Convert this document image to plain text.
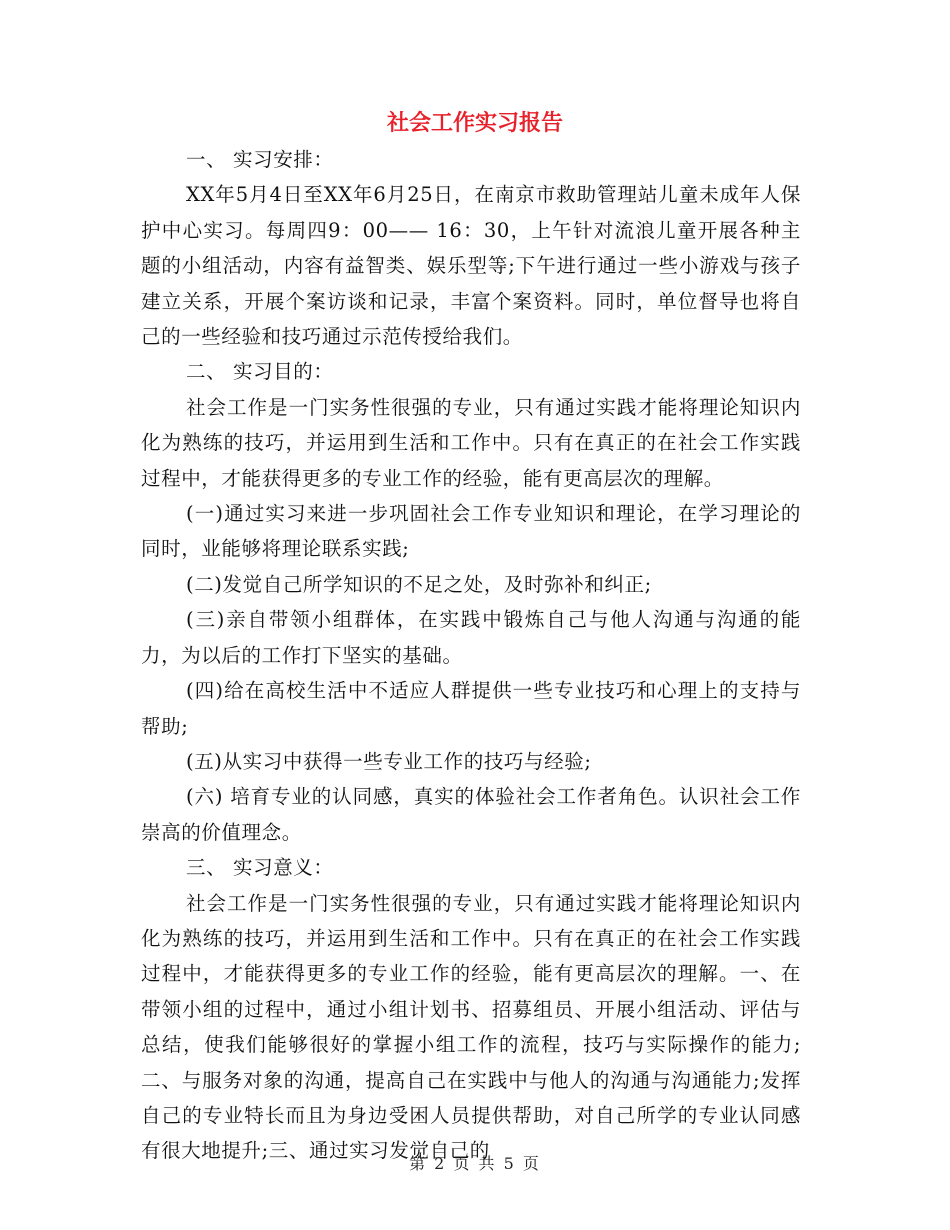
社会工作实习报告

一、 实习安排：

XX年5月4日至XX年6月25日，在南京市救助管理站儿童未成年人保护中心实习。每周四9：00—— 16：30，上午针对流浪儿童开展各种主题的小组活动，内容有益智类、娱乐型等;下午进行通过一些小游戏与孩子建立关系，开展个案访谈和记录，丰富个案资料。同时，单位督导也将自己的一些经验和技巧通过示范传授给我们。

二、 实习目的：

社会工作是一门实务性很强的专业，只有通过实践才能将理论知识内化为熟练的技巧，并运用到生活和工作中。只有在真正的在社会工作实践过程中，才能获得更多的专业工作的经验，能有更高层次的理解。

(一)通过实习来进一步巩固社会工作专业知识和理论，在学习理论的同时，业能够将理论联系实践;

(二)发觉自己所学知识的不足之处，及时弥补和纠正;

(三)亲自带领小组群体，在实践中锻炼自己与他人沟通与沟通的能力，为以后的工作打下坚实的基础。

(四)给在高校生活中不适应人群提供一些专业技巧和心理上的支持与帮助;

(五)从实习中获得一些专业工作的技巧与经验;

(六) 培育专业的认同感，真实的体验社会工作者角色。认识社会工作崇高的价值理念。

三、 实习意义：

社会工作是一门实务性很强的专业，只有通过实践才能将理论知识内化为熟练的技巧，并运用到生活和工作中。只有在真正的在社会工作实践过程中，才能获得更多的专业工作的经验，能有更高层次的理解。一、在带领小组的过程中，通过小组计划书、招募组员、开展小组活动、评估与总结，使我们能够很好的掌握小组工作的流程，技巧与实际操作的能力;二、与服务对象的沟通，提高自己在实践中与他人的沟通与沟通能力;发挥自己的专业特长而且为身边受困人员提供帮助，对自己所学的专业认同感有很大地提升;三、通过实习发觉自己的

第 2 页 共 5 页
